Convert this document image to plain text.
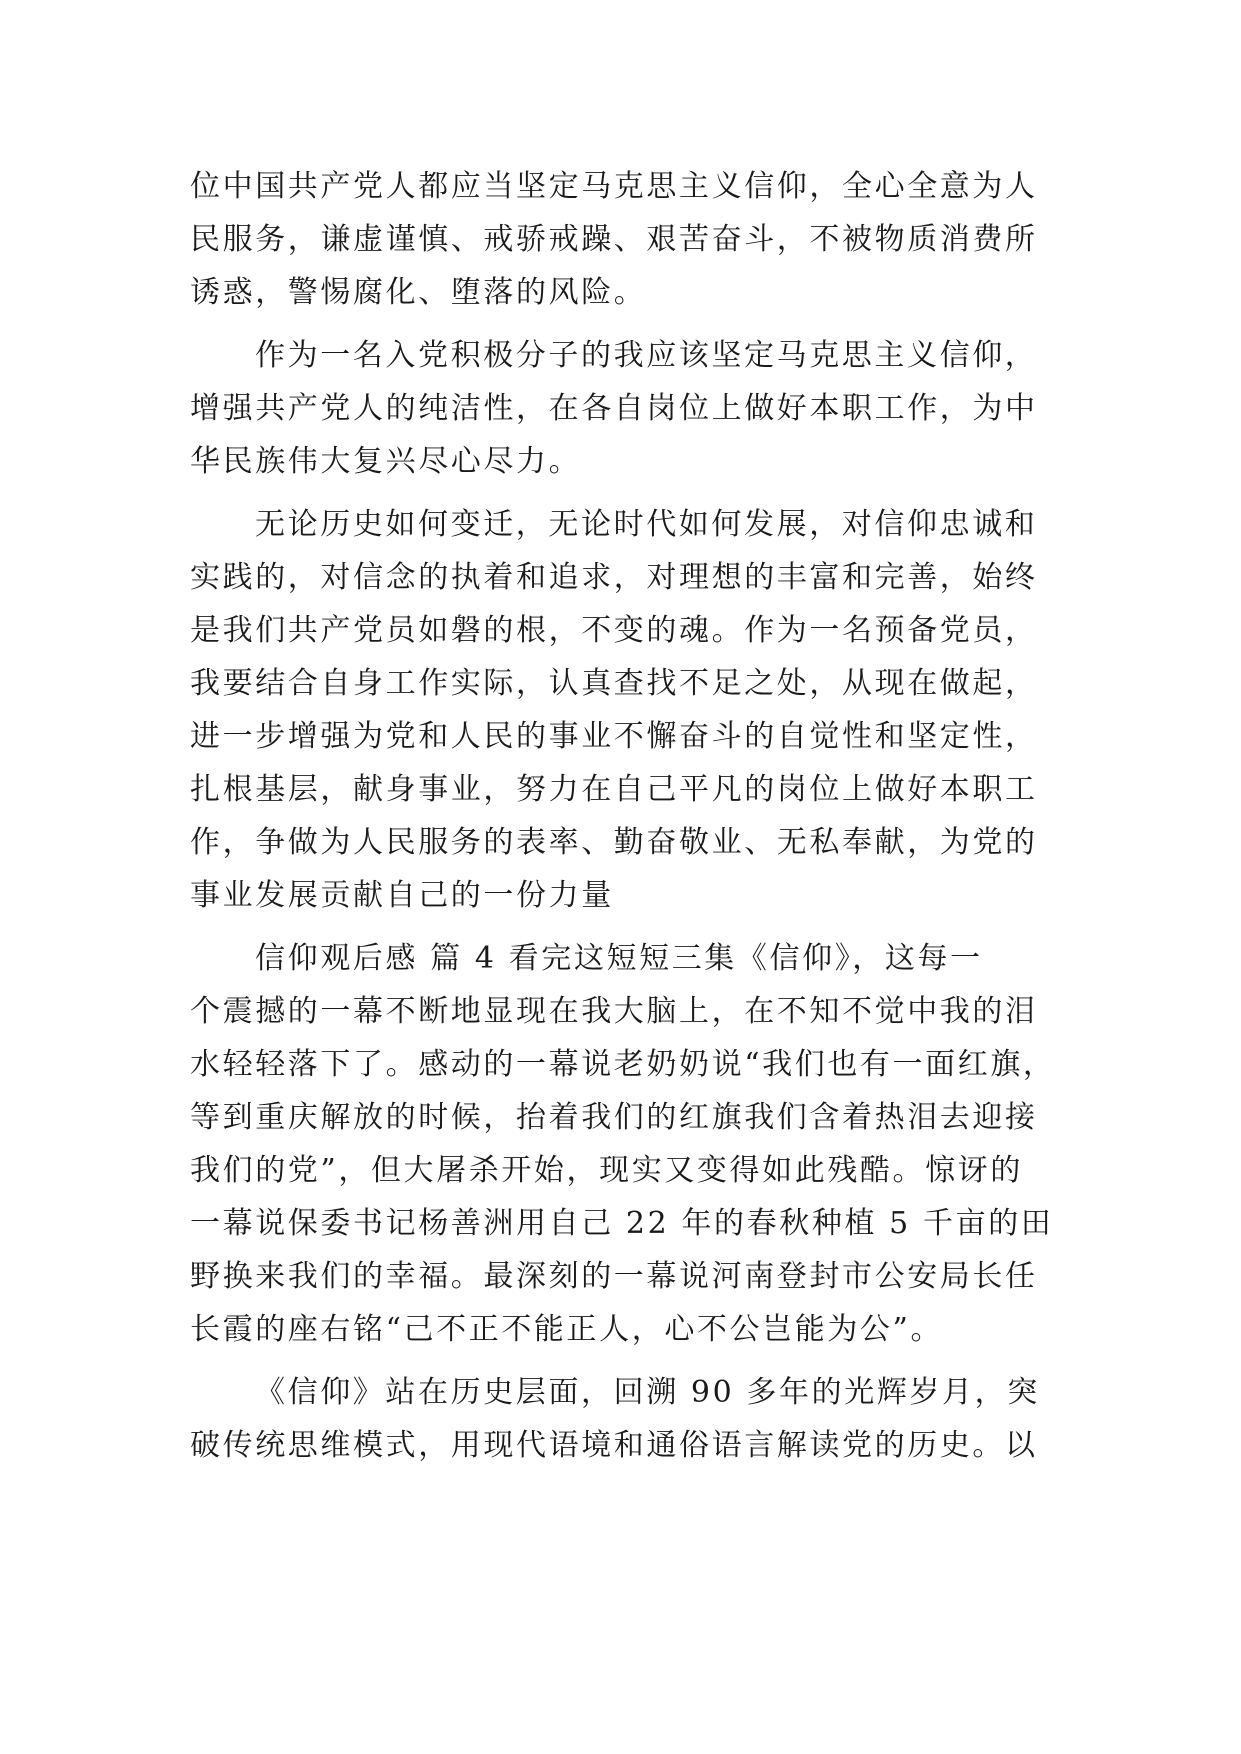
位中国共产党人都应当坚定马克思主义信仰，全心全意为人
民服务，谦虚谨慎、戒骄戒躁、艰苦奋斗，不被物质消费所
诱惑，警惕腐化、堕落的风险。
作为一名入党积极分子的我应该坚定马克思主义信仰，
增强共产党人的纯洁性，在各自岗位上做好本职工作，为中
华民族伟大复兴尽心尽力。
无论历史如何变迁，无论时代如何发展，对信仰忠诚和
实践的，对信念的执着和追求，对理想的丰富和完善，始终
是我们共产党员如磐的根，不变的魂。作为一名预备党员，
我要结合自身工作实际，认真查找不足之处，从现在做起，
进一步增强为党和人民的事业不懈奋斗的自觉性和坚定性，
扎根基层，献身事业，努力在自己平凡的岗位上做好本职工
作，争做为人民服务的表率、勤奋敬业、无私奉献，为党的
事业发展贡献自己的一份力量
信仰观后感 篇 4 看完这短短三集《信仰》，这每一
个震撼的一幕不断地显现在我大脑上，在不知不觉中我的泪
水轻轻落下了。感动的一幕说老奶奶说“我们也有一面红旗，
等到重庆解放的时候，抬着我们的红旗我们含着热泪去迎接
我们的党”，但大屠杀开始，现实又变得如此残酷。惊讶的
一幕说保委书记杨善洲用自己 22 年的春秋种植 5 千亩的田
野换来我们的幸福。最深刻的一幕说河南登封市公安局长任
长霞的座右铭“己不正不能正人，心不公岂能为公”。
《信仰》站在历史层面，回溯 90 多年的光辉岁月，突
破传统思维模式，用现代语境和通俗语言解读党的历史。以
